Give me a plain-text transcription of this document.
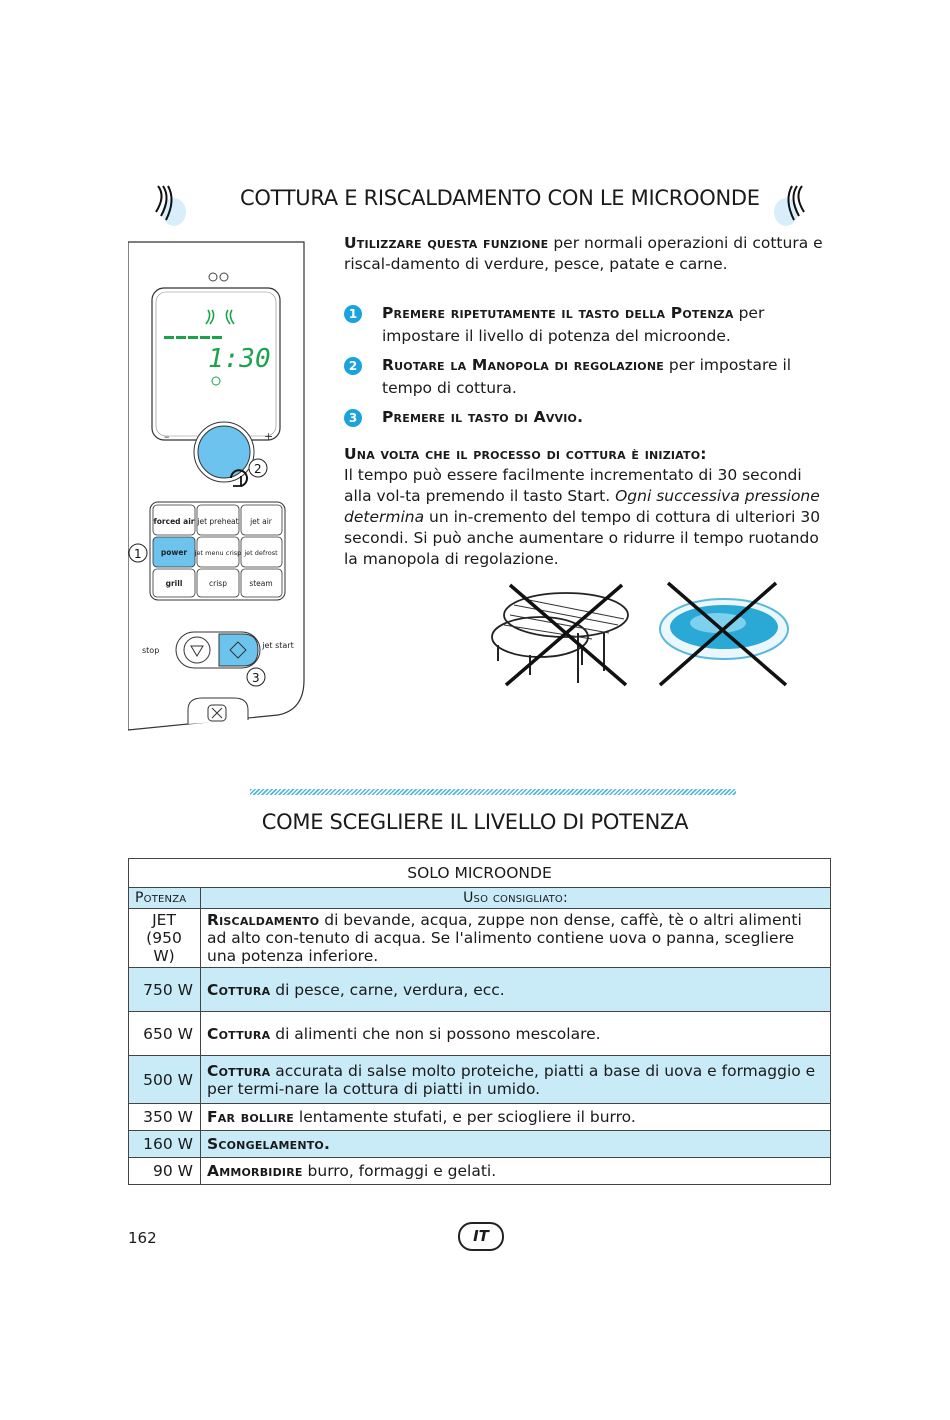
COTTURA E RISCALDAMENTO CON LE MICROONDE
1:30
–	+
2
forced air jet preheat jet air
power jet menu crisp jet defrost
grill	crisp	steam
1
stop
jet start
3
Utilizzare questa funzione per normali operazioni di cottura e riscal-damento di verdure, pesce, patate e carne.
1	Premere ripetutamente il tasto della Potenza per impostare il livello di potenza del microonde.
2	Ruotare la Manopola di regolazione per impostare il tempo di cottura.
3	Premere il tasto di Avvio.
Una volta che il processo di cottura è iniziato:
Il tempo può essere facilmente incrementato di 30 secondi alla vol-ta premendo il tasto Start. Ogni successiva pressione determina un in-cremento del tempo di cottura di ulteriori 30 secondi. Si può anche aumentare o ridurre il tempo ruotando la manopola di regolazione.
COME SCEGLIERE IL LIVELLO DI POTENZA
SOLO MICROONDE	
Potenza	Uso consigliato:
JET
(950 W)	Riscaldamento di bevande, acqua, zuppe non dense, caffè, tè o altri alimenti ad alto con-tenuto di acqua. Se l'alimento contiene uova o panna, scegliere una potenza inferiore.
750 W	Cottura di pesce, carne, verdura, ecc.
650 W	Cottura di alimenti che non si possono mescolare.
500 W	Cottura accurata di salse molto proteiche, piatti a base di uova e formaggio e per termi-nare la cottura di piatti in umido.
350 W	Far bollire lentamente stufati, e per sciogliere il burro.
160 W	Scongelamento.
90 W	Ammorbidire burro, formaggi e gelati.
162	IT
